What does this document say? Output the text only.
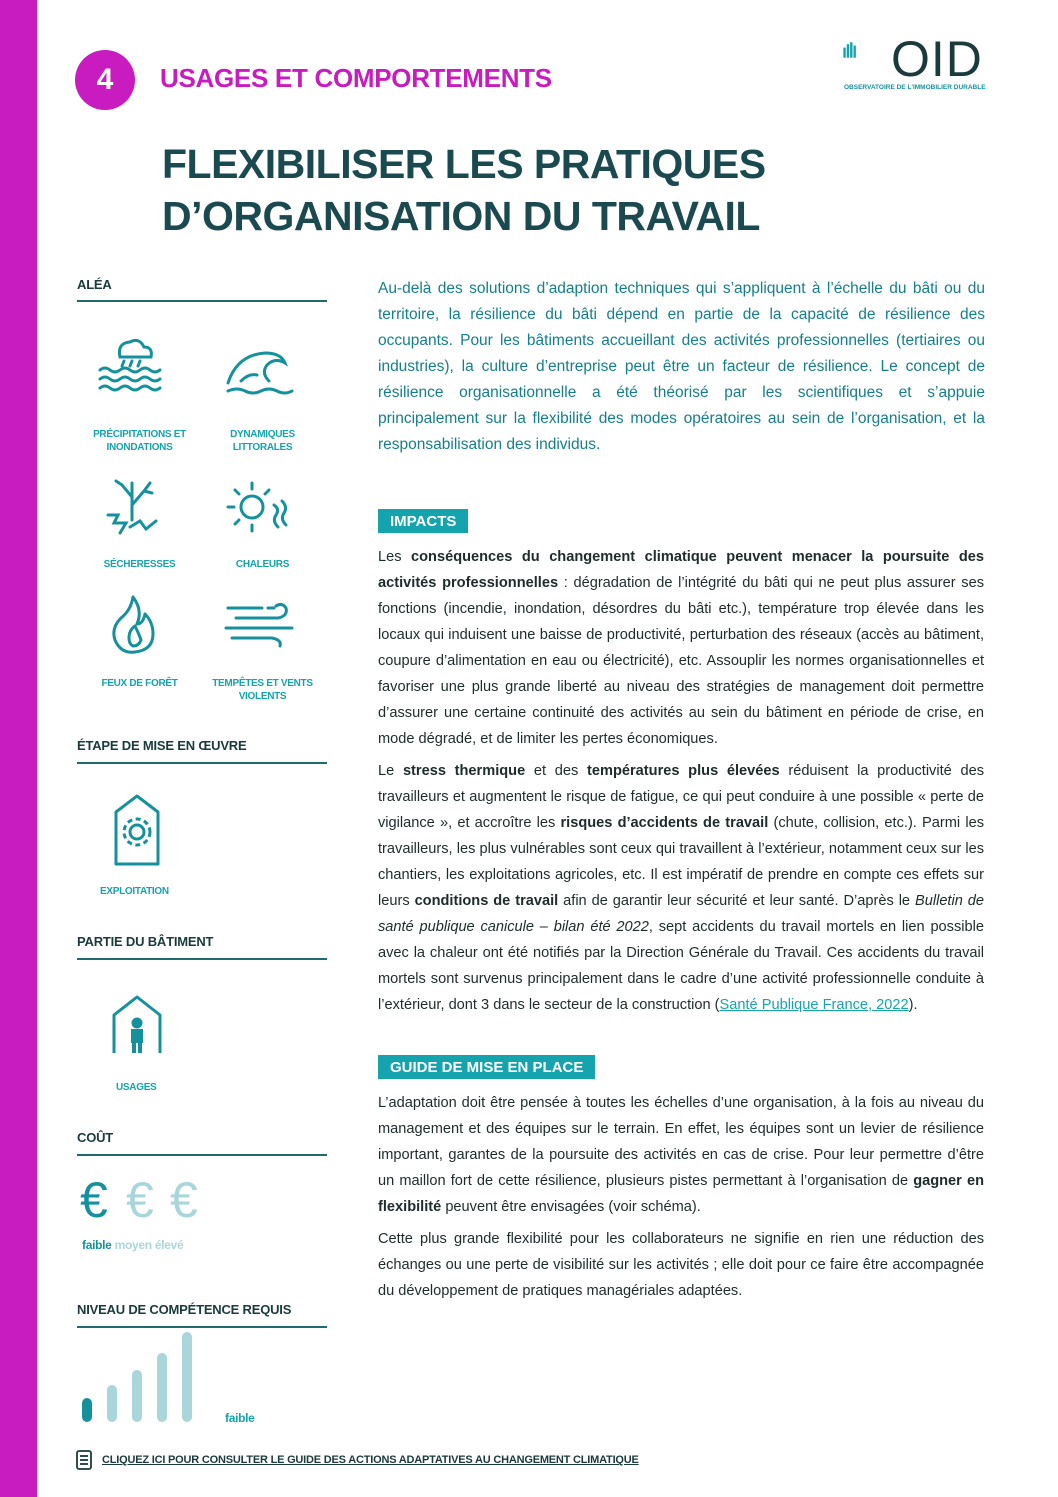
4	USAGES ET COMPORTEMENTS	OID
OBSERVATOIRE DE L'IMMOBILIER DURABLE
FLEXIBILISER LES PRATIQUES
D’ORGANISATION DU TRAVAIL
ALÉA
PRÉCIPITATIONS ET
INONDATIONS
DYNAMIQUES
LITTORALES
SÉCHERESSES	CHALEURS
FEUX DE FORÊT	TEMPÊTES ET VENTS
VIOLENTS
ÉTAPE DE MISE EN ŒUVRE
EXPLOITATION
PARTIE DU BÂTIMENT
USAGES
COÛT
€ € €
faible moyen élevé
NIVEAU DE COMPÉTENCE REQUIS
faible
Au-delà des solutions d’adaption techniques qui s’appliquent à l’échelle du bâti ou du territoire, la résilience du bâti dépend en partie de la capacité de résilience des occupants. Pour les bâtiments accueillant des activités professionnelles (tertiaires ou industries), la culture d’entreprise peut être un facteur de résilience. Le concept de résilience organisationnelle a été théorisé par les scientifiques et s’appuie principalement sur la flexibilité des modes opératoires au sein de l’organisation, et la responsabilisation des individus.
IMPACTS

Les conséquences du changement climatique peuvent menacer la poursuite des activités professionnelles : dégradation de l’intégrité du bâti qui ne peut plus assurer ses fonctions (incendie, inondation, désordres du bâti etc.), température trop élevée dans les locaux qui induisent une baisse de productivité, perturbation des réseaux (accès au bâtiment, coupure d’alimentation en eau ou électricité), etc. Assouplir les normes organisationnelles et favoriser une plus grande liberté au niveau des stratégies de management doit permettre d’assurer une certaine continuité des activités au sein du bâtiment en période de crise, en mode dégradé, et de limiter les pertes économiques.

Le stress thermique et des températures plus élevées réduisent la productivité des travailleurs et augmentent le risque de fatigue, ce qui peut conduire à une possible « perte de vigilance », et accroître les risques d’accidents de travail (chute, collision, etc.). Parmi les travailleurs, les plus vulnérables sont ceux qui travaillent à l’extérieur, notamment ceux sur les chantiers, les exploitations agricoles, etc. Il est impératif de prendre en compte ces effets sur leurs conditions de travail afin de garantir leur sécurité et leur santé. D’après le Bulletin de santé publique canicule – bilan été 2022, sept accidents du travail mortels en lien possible avec la chaleur ont été notifiés par la Direction Générale du Travail. Ces accidents du travail mortels sont survenus principalement dans le cadre d’une activité professionnelle conduite à l’extérieur, dont 3 dans le secteur de la construction (Santé Publique France, 2022).

GUIDE DE MISE EN PLACE

L’adaptation doit être pensée à toutes les échelles d’une organisation, à la fois au niveau du management et des équipes sur le terrain. En effet, les équipes sont un levier de résilience important, garantes de la poursuite des activités en cas de crise. Pour leur permettre d’être un maillon fort de cette résilience, plusieurs pistes permettant à l’organisation de gagner en flexibilité peuvent être envisagées (voir schéma).

Cette plus grande flexibilité pour les collaborateurs ne signifie en rien une réduction des échanges ou une perte de visibilité sur les activités ; elle doit pour ce faire être accompagnée du développement de pratiques managériales adaptées.

CLIQUEZ ICI POUR CONSULTER LE GUIDE DES ACTIONS ADAPTATIVES AU CHANGEMENT CLIMATIQUE
